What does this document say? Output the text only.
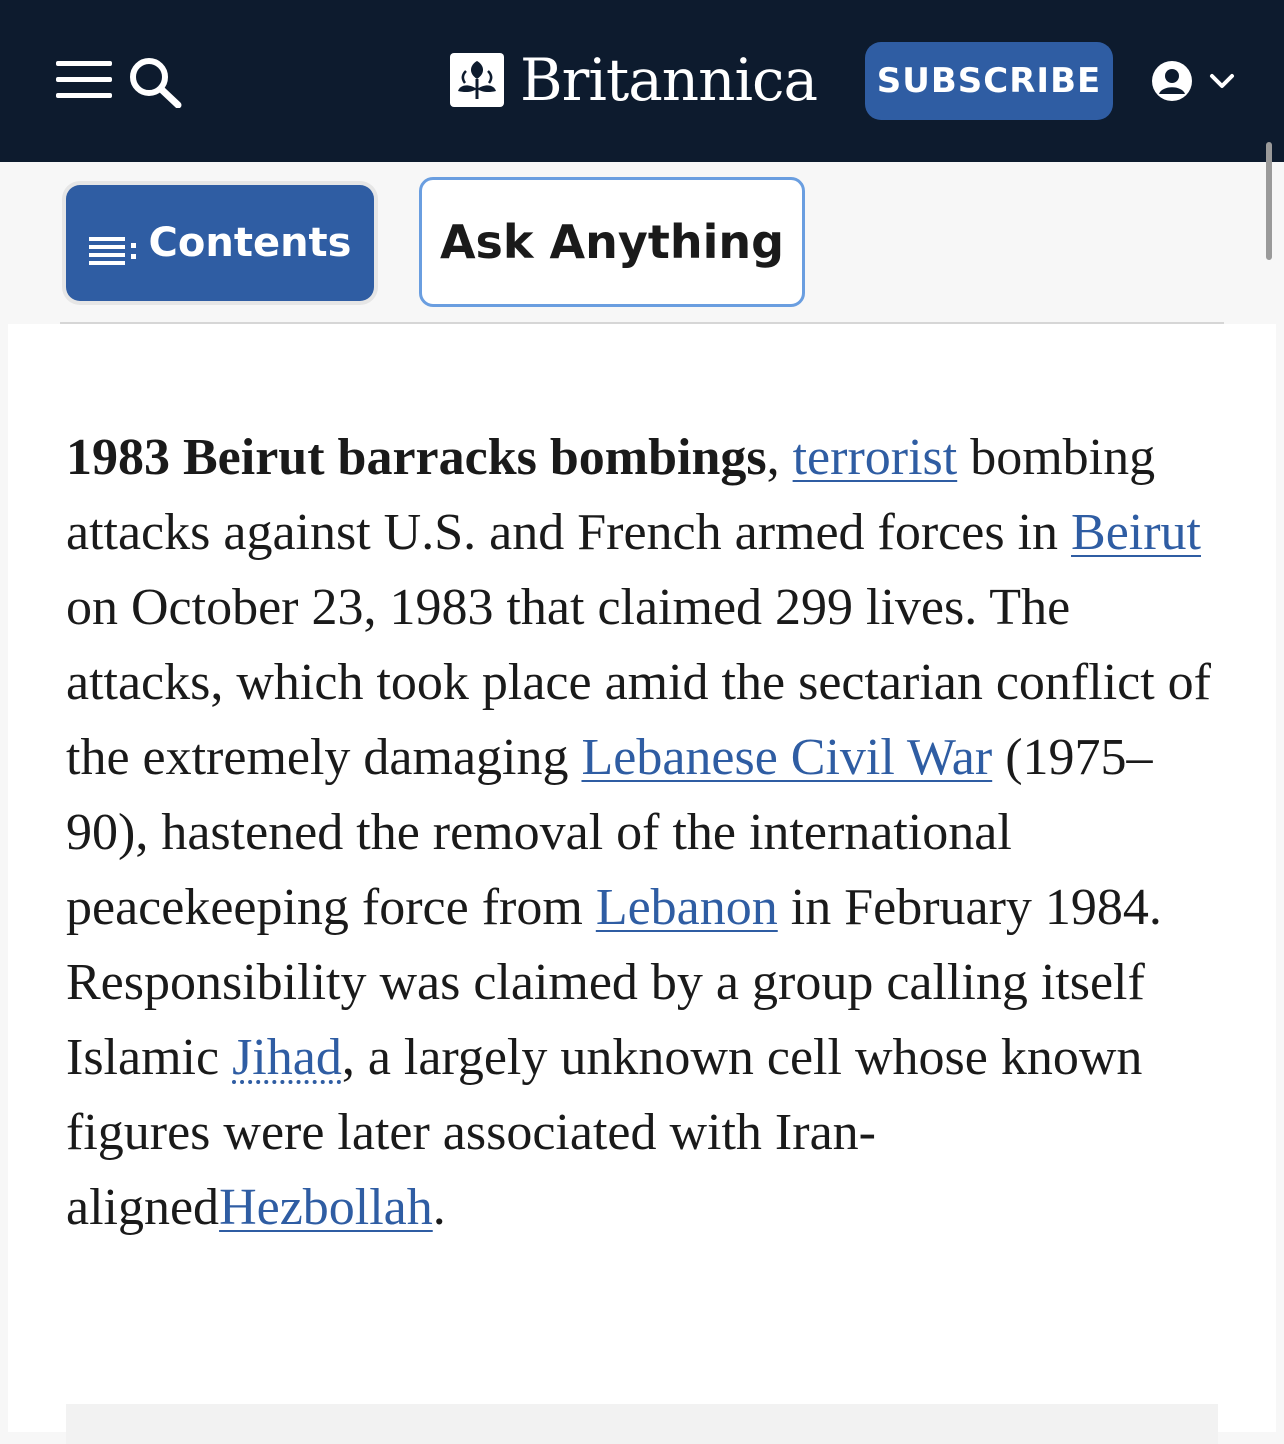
Britannica	SUBSCRIBE
Contents	Ask Anything

1983 Beirut barracks bombings, terrorist bombing attacks against U.S. and French armed forces in Beirut on October 23, 1983 that claimed 299 lives. The attacks, which took place amid the sectarian conflict of the extremely damaging Lebanese Civil War (1975–90), hastened the removal of the international peacekeeping force from Lebanon in February 1984. Responsibility was claimed by a group calling itself Islamic Jihad, a largely unknown cell whose known figures were later associated with Iran-alignedHezbollah.
